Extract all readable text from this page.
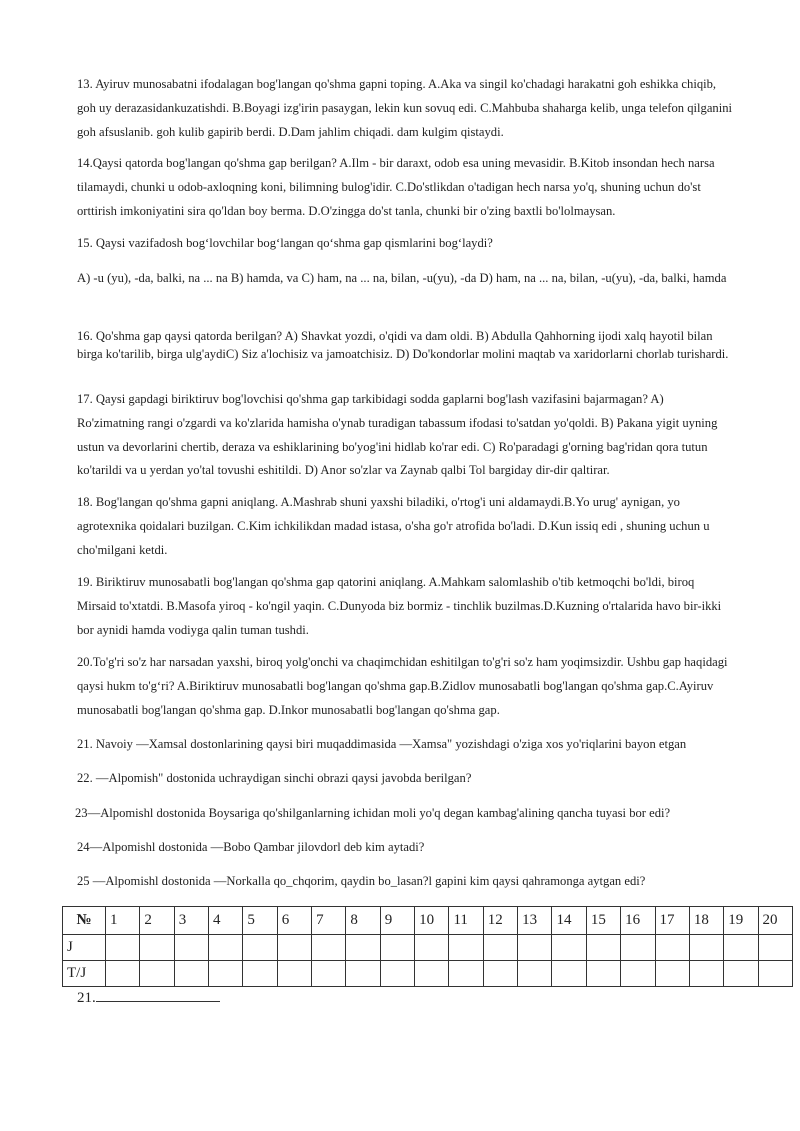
13. Ayiruv munosabatni ifodalagan bog'langan qo'shma gapni toping. A.Aka va singil ko'chadagi harakatni goh eshikka chiqib, goh uy derazasidankuzatishdi. B.Boyagi izg'irin pasaygan, lekin kun sovuq edi. C.Mahbuba shaharga kelib, unga telefon qilganini goh afsuslanib. goh kulib gapirib berdi. D.Dam jahlim chiqadi. dam kulgim qistaydi.

14.Qaysi qatorda bog'langan qo'shma gap berilgan? A.Ilm - bir daraxt, odob esa uning mevasidir. B.Kitob insondan hech narsa tilamaydi, chunki u odob-axloqning koni, bilimning bulog'idir. C.Do'stlikdan o'tadigan hech narsa yo'q, shuning uchun do'st orttirish imkoniyatini sira qo'ldan boy berma. D.O'zingga do'st tanla, chunki bir o'zing baxtli bo'lolmaysan.

15. Qaysi vazifadosh bog‘lovchilar bog‘langan qo‘shma gap qismlarini bog‘laydi?

A) -u (yu), -da, balki, na ... na B) hamda, va C) ham, na ... na, bilan, -u(yu), -da D) ham, na ... na, bilan, -u(yu), -da, balki, hamda

16. Qo'shma gap qaysi qatorda berilgan? A) Shavkat yozdi, o'qidi va dam oldi. B) Abdulla Qahhorning ijodi xalq hayotil bilan birga ko'tarilib, birga ulg'aydiC) Siz a'lochisiz va jamoatchisiz. D) Do'kondorlar molini maqtab va xaridorlarni chorlab turishardi.

17. Qaysi gapdagi biriktiruv bog'lovchisi qo'shma gap tarkibidagi sodda gaplarni bog'lash vazifasini bajarmagan? A) Ro'zimatning rangi o'zgardi va ko'zlarida hamisha o'ynab turadigan tabassum ifodasi to'satdan yo'qoldi. B) Pakana yigit uyning ustun va devorlarini chertib, deraza va eshiklarining bo'yog'ini hidlab ko'rar edi. C) Ro'paradagi g'orning bag'ridan qora tutun ko'tarildi va u yerdan yo'tal tovushi eshitildi. D) Anor so'zlar va Zaynab qalbi Tol bargiday dir-dir qaltirar.

18. Bog'langan qo'shma gapni aniqlang. A.Mashrab shuni yaxshi biladiki, o'rtog'i uni aldamaydi.B.Yo urug' aynigan, yo agrotexnika qoidalari buzilgan. C.Kim ichkilikdan madad istasa, o'sha go'r atrofida bo'ladi. D.Kun issiq edi , shuning uchun u cho'milgani ketdi.

19. Biriktiruv munosabatli bog'langan qo'shma gap qatorini aniqlang. A.Mahkam salomlashib o'tib ketmoqchi bo'ldi, biroq Mirsaid to'xtatdi. B.Masofa yiroq - ko'ngil yaqin. C.Dunyoda biz bormiz - tinchlik buzilmas.D.Kuzning o'rtalarida havo bir-ikki bor aynidi hamda vodiyga qalin tuman tushdi.

20.To'g'ri so'z har narsadan yaxshi, biroq yolg'onchi va chaqimchidan eshitilgan to'g'ri so'z ham yoqimsizdir. Ushbu gap haqidagi qaysi hukm to'g‘ri? A.Biriktiruv munosabatli bog'langan qo'shma gap.B.Zidlov munosabatli bog'langan qo'shma gap.C.Ayiruv munosabatli bog'langan qo'shma gap. D.Inkor munosabatli bog'langan qo'shma gap.

21. Navoiy ―Xamsal dostonlarining qaysi biri muqaddimasida ―Xamsa" yozishdagi o'ziga xos yo'riqlarini bayon etgan

22. ―Alpomish" dostonida uchraydigan sinchi obrazi qaysi javobda berilgan?

23―Alpomishl dostonida Boysariga qo'shilganlarning ichidan moli yo'q degan kambag'alining qancha tuyasi bor edi?

24―Alpomishl dostonida ―Bobo Qambar jilovdorl deb kim aytadi?

25 ―Alpomishl dostonida ―Norkalla qo_chqorim, qaydin bo_lasan?l gapini kim qaysi qahramonga aytgan edi?

№	1	2	3	4	5	6	7	8	9	10	11	12	13	14	15	16	17	18	19	20
J																				
T/J																				
21.
